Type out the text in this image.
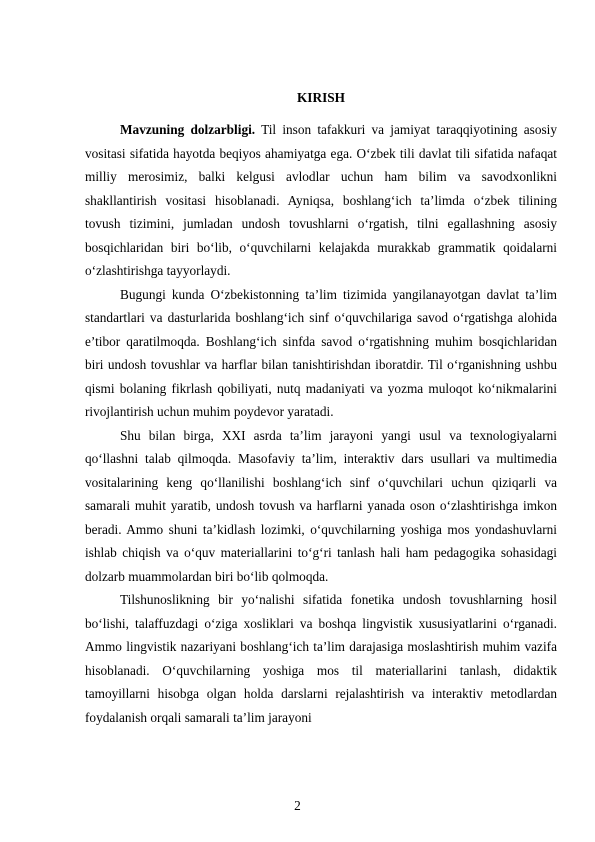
KIRISH

Mavzuning dolzarbligi. Til inson tafakkuri va jamiyat taraqqiyotining asosiy vositasi sifatida hayotda beqiyos ahamiyatga ega. O‘zbek tili davlat tili sifatida nafaqat milliy merosimiz, balki kelgusi avlodlar uchun ham bilim va savodxonlikni shakllantirish vositasi hisoblanadi. Ayniqsa, boshlang‘ich ta’limda o‘zbek tilining tovush tizimini, jumladan undosh tovushlarni o‘rgatish, tilni egallashning asosiy bosqichlaridan biri bo‘lib, o‘quvchilarni kelajakda murakkab grammatik qoidalarni o‘zlashtirishga tayyorlaydi.

Bugungi kunda O‘zbekistonning ta’lim tizimida yangilanayotgan davlat ta’lim standartlari va dasturlarida boshlang‘ich sinf o‘quvchilariga savod o‘rgatishga alohida e’tibor qaratilmoqda. Boshlang‘ich sinfda savod o‘rgatishning muhim bosqichlaridan biri undosh tovushlar va harflar bilan tanishtirishdan iboratdir. Til o‘rganishning ushbu qismi bolaning fikrlash qobiliyati, nutq madaniyati va yozma muloqot ko‘nikmalarini rivojlantirish uchun muhim poydevor yaratadi.

Shu bilan birga, XXI asrda ta’lim jarayoni yangi usul va texnologiyalarni qo‘llashni talab qilmoqda. Masofaviy ta’lim, interaktiv dars usullari va multimedia vositalarining keng qo‘llanilishi boshlang‘ich sinf o‘quvchilari uchun qiziqarli va samarali muhit yaratib, undosh tovush va harflarni yanada oson o‘zlashtirishga imkon beradi. Ammo shuni ta’kidlash lozimki, o‘quvchilarning yoshiga mos yondashuvlarni ishlab chiqish va o‘quv materiallarini to‘g‘ri tanlash hali ham pedagogika sohasidagi dolzarb muammolardan biri bo‘lib qolmoqda.

Tilshunoslikning bir yo‘nalishi sifatida fonetika undosh tovushlarning hosil bo‘lishi, talaffuzdagi o‘ziga xosliklari va boshqa lingvistik xususiyatlarini o‘rganadi. Ammo lingvistik nazariyani boshlang‘ich ta’lim darajasiga moslashtirish muhim vazifa hisoblanadi. O‘quvchilarning yoshiga mos til materiallarini tanlash, didaktik tamoyillarni hisobga olgan holda darslarni rejalashtirish va interaktiv metodlardan foydalanish orqali samarali ta’lim jarayoni

2
